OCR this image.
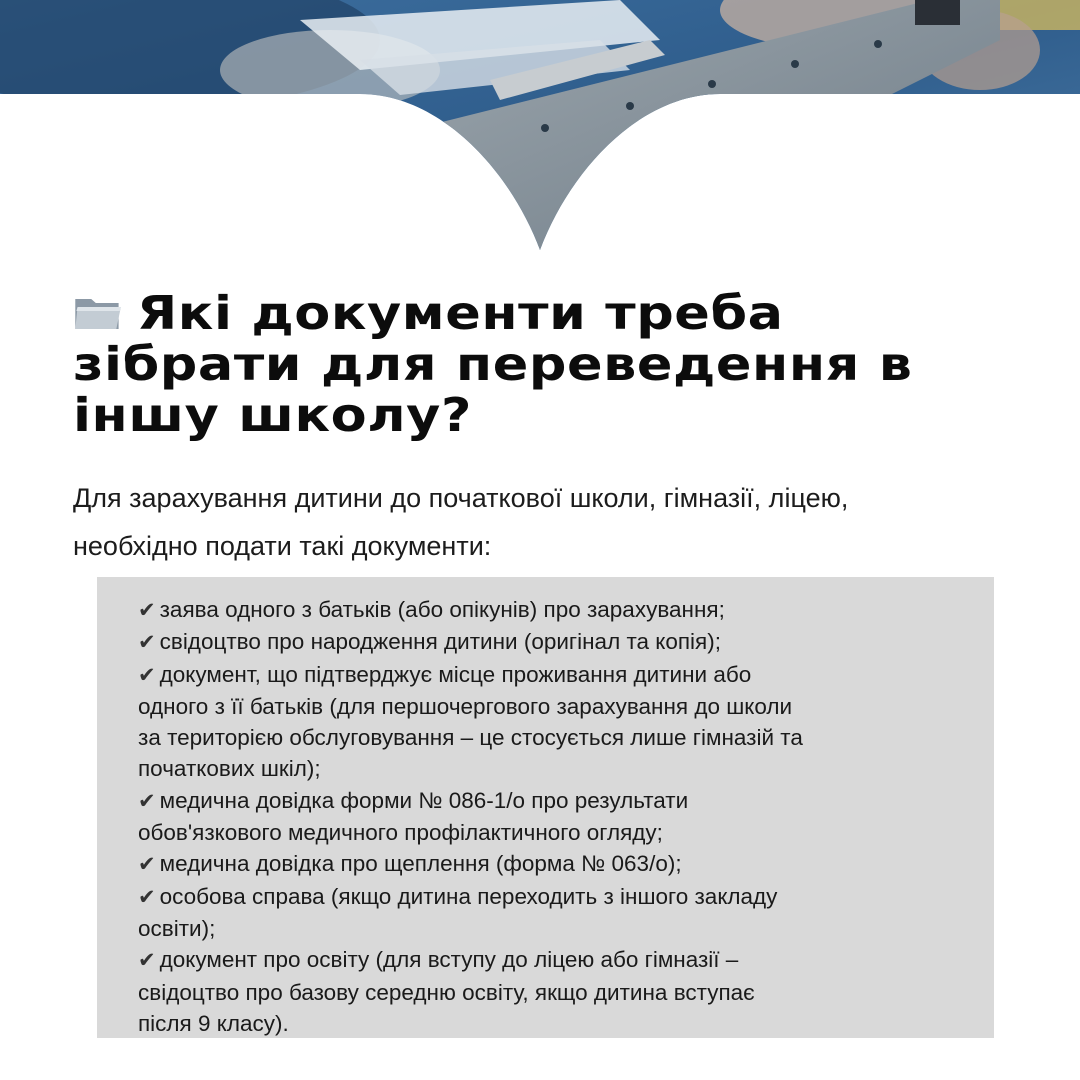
Які документи треба
зібрати для переведення в
іншу школу?

Для зарахування дитини до початкової школи, гімназії, ліцею,
необхідно подати такі документи:

✔ заява одного з батьків (або опікунів) про зарахування;
✔ свідоцтво про народження дитини (оригінал та копія);
✔ документ, що підтверджує місце проживання дитини або
одного з її батьків (для першочергового зарахування до школи
за територією обслуговування – це стосується лише гімназій та
початкових шкіл);
✔ медична довідка форми № 086-1/о про результати
обов'язкового медичного профілактичного огляду;
✔ медична довідка про щеплення (форма № 063/о);
✔ особова справа (якщо дитина переходить з іншого закладу
освіти);
✔ документ про освіту (для вступу до ліцею або гімназії –
свідоцтво про базову середню освіту, якщо дитина вступає
після 9 класу).
